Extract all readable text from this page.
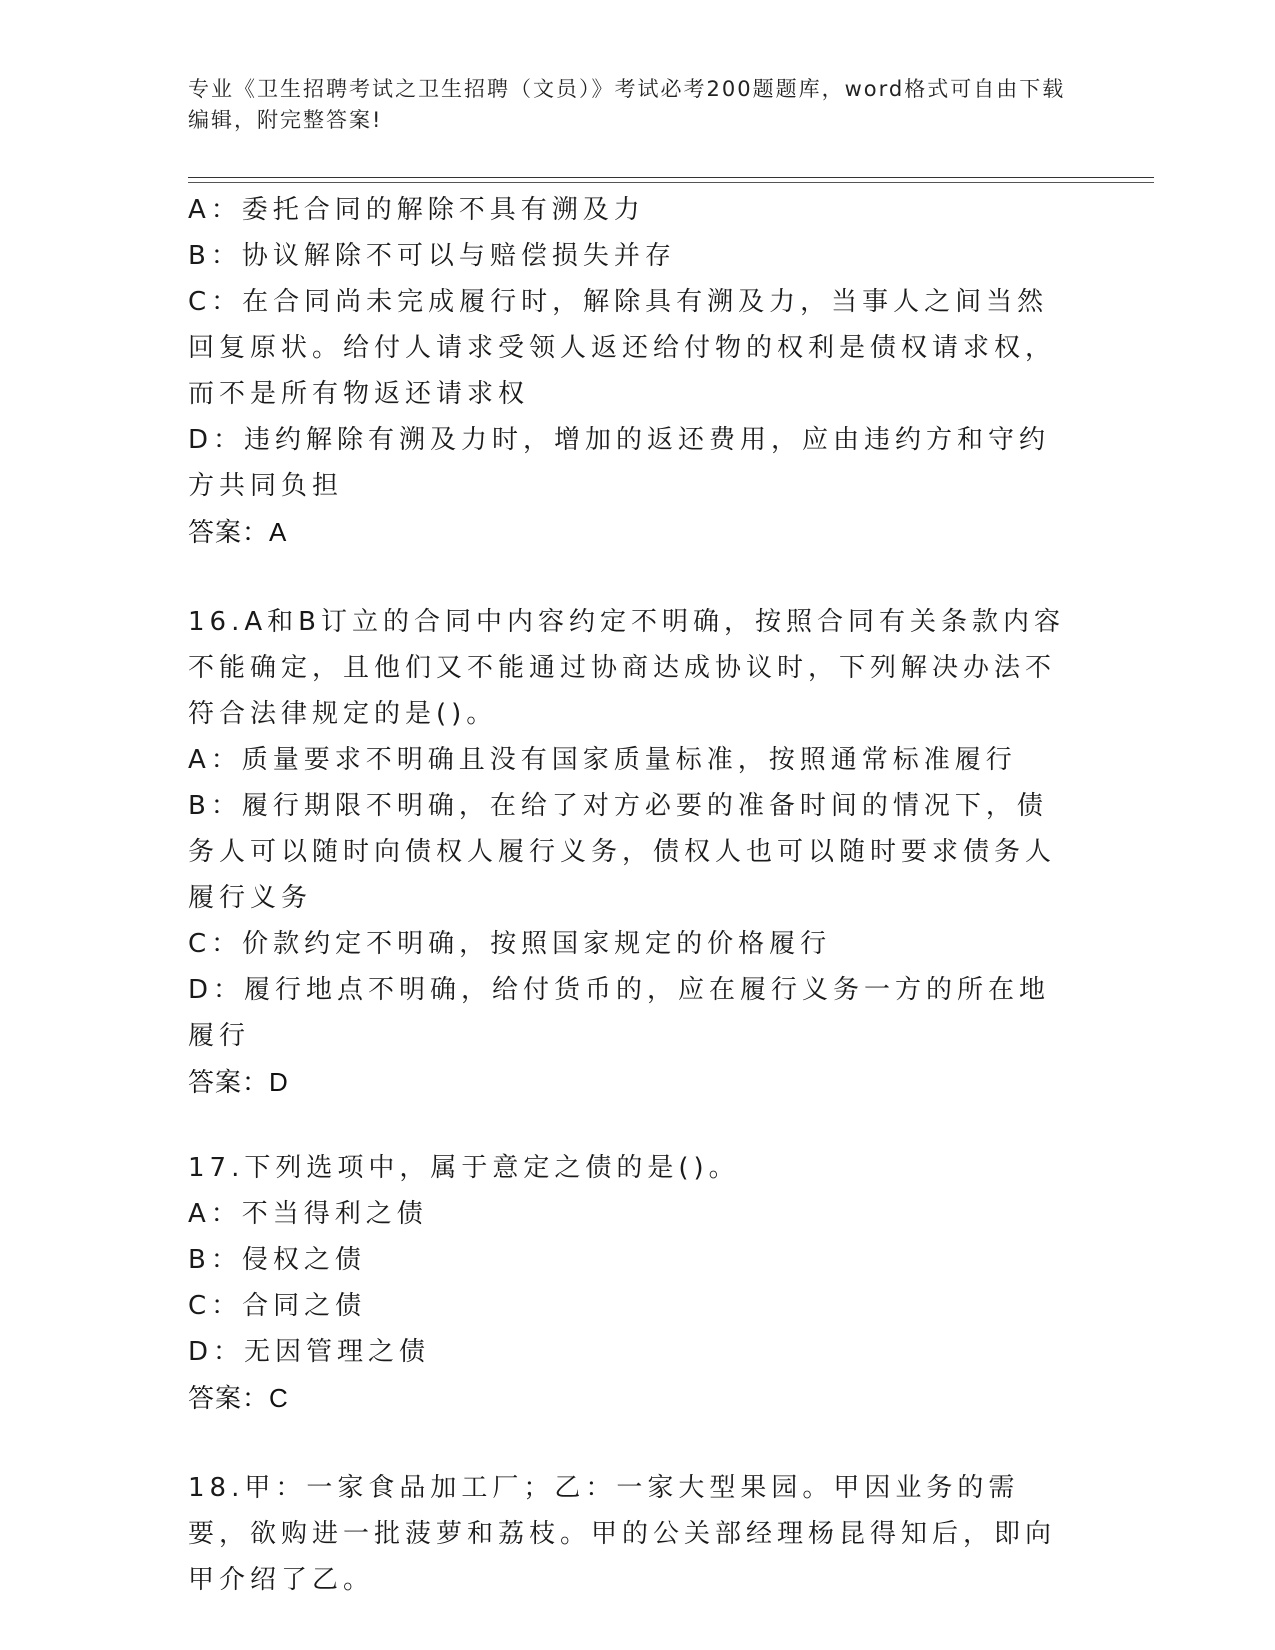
专业《卫生招聘考试之卫生招聘（文员）》考试必考200题题库，word格式可自由下载编辑，附完整答案!

A：委托合同的解除不具有溯及力

B：协议解除不可以与赔偿损失并存

C：在合同尚未完成履行时，解除具有溯及力，当事人之间当然回复原状。给付人请求受领人返还给付物的权利是债权请求权，而不是所有物返还请求权

D：违约解除有溯及力时，增加的返还费用，应由违约方和守约方共同负担

答案：A

16.A和B订立的合同中内容约定不明确，按照合同有关条款内容不能确定，且他们又不能通过协商达成协议时，下列解决办法不符合法律规定的是()。

A：质量要求不明确且没有国家质量标准，按照通常标准履行

B：履行期限不明确，在给了对方必要的准备时间的情况下，债务人可以随时向债权人履行义务，债权人也可以随时要求债务人履行义务

C：价款约定不明确，按照国家规定的价格履行

D：履行地点不明确，给付货币的，应在履行义务一方的所在地履行

答案：D

17.下列选项中，属于意定之债的是()。

A：不当得利之债

B：侵权之债

C：合同之债

D：无因管理之债

答案：C

18.甲：一家食品加工厂；乙：一家大型果园。甲因业务的需要，欲购进一批菠萝和荔枝。甲的公关部经理杨昆得知后，即向甲介绍了乙。
